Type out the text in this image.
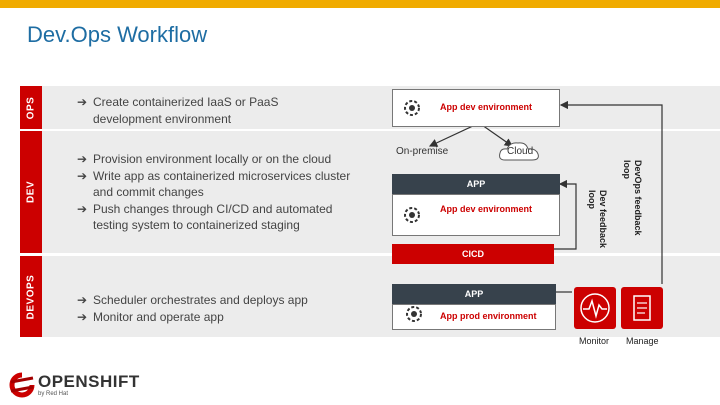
Dev.Ops Workflow
OPS
DEV
DEVOPS
➔ Create containerized IaaS or PaaS development environment
➔ Provision environment locally or on the cloud
➔ Write app as containerized microservices cluster and commit changes
➔ Push changes through CI/CD and automated testing system to containerized staging
➔ Scheduler orchestrates and deploys app
➔ Monitor and operate app
App dev environment
On-premise	Cloud
APP
App dev environment
CICD
APP
App prod environment
Dev feedback loop	DevOps feedback loop
Monitor Manage
OPENSHIFT
by Red Hat
